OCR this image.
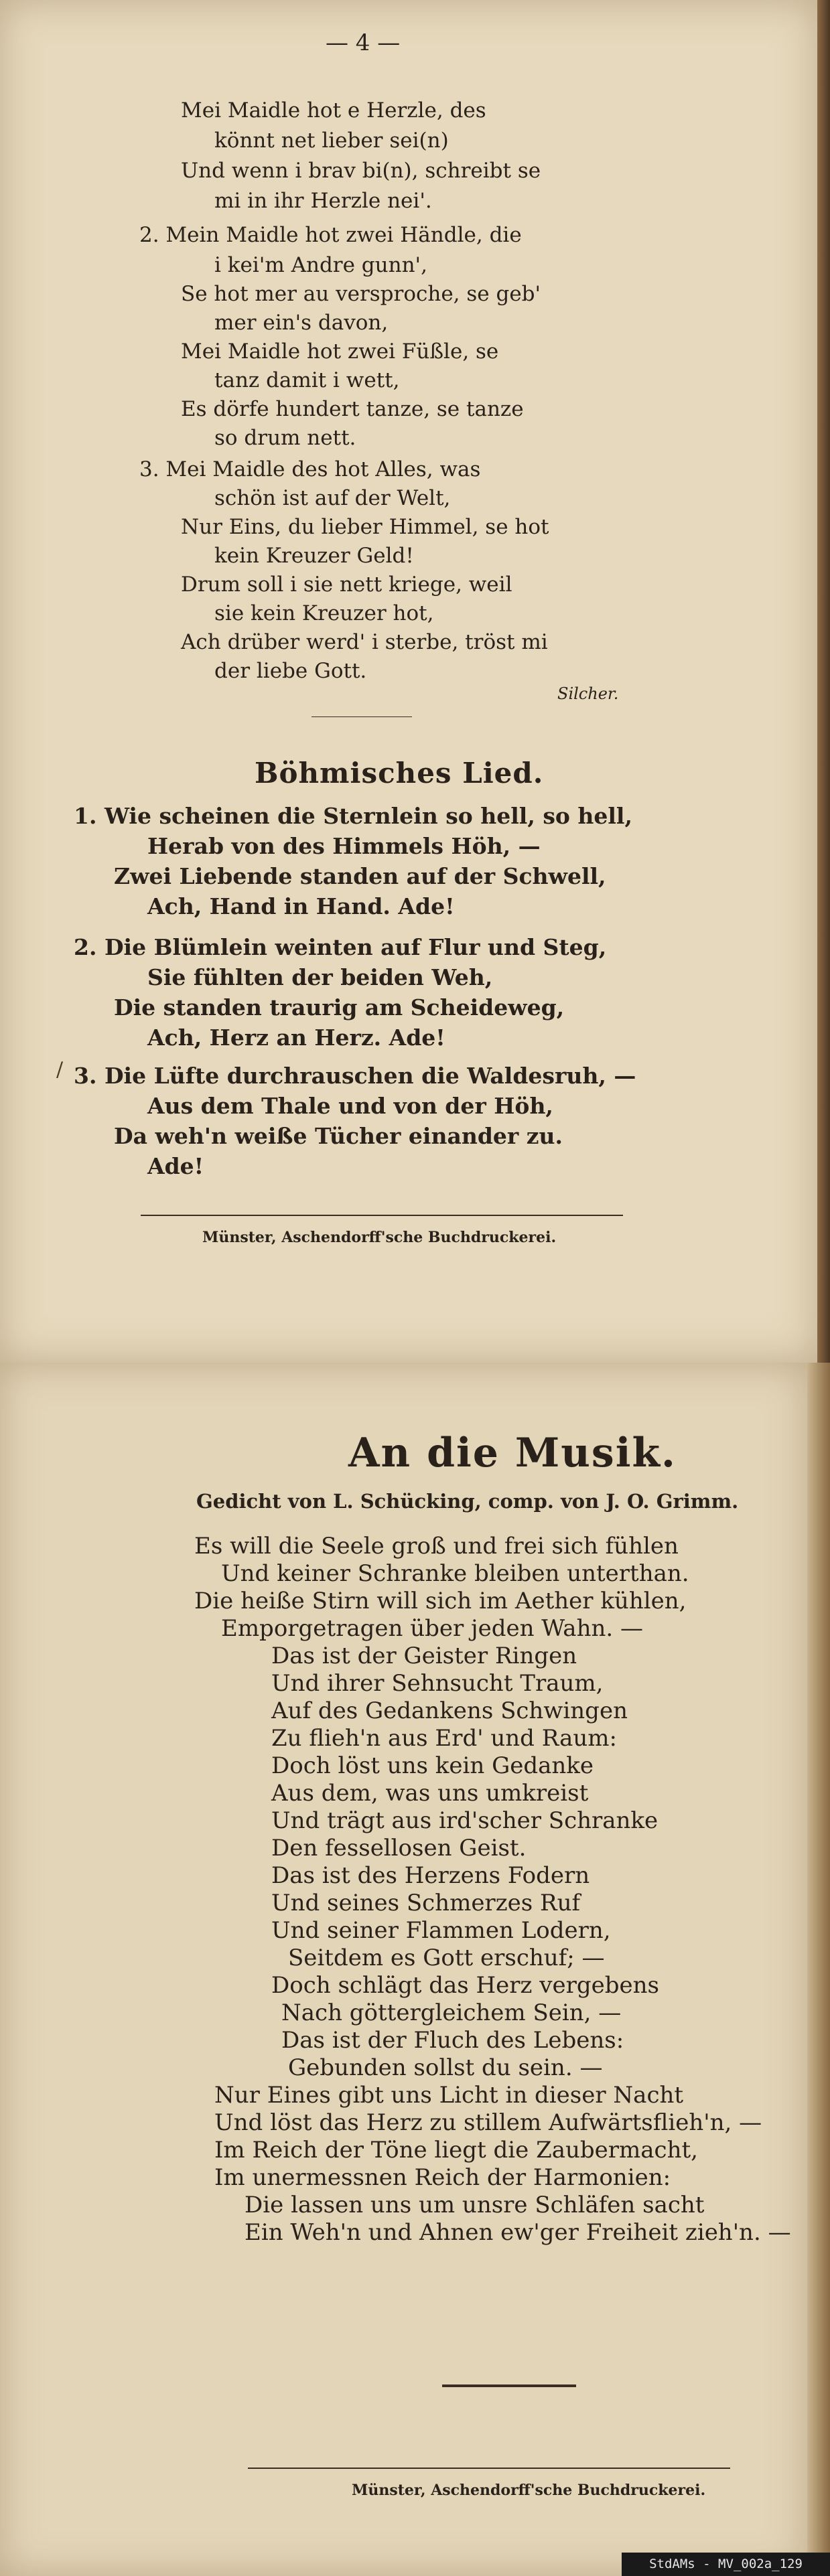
— 4 —
Mei Maidle hot e Herzle, des
könnt net lieber sei(n)
Und wenn i brav bi(n), schreibt se
mi in ihr Herzle nei'.
2. Mein Maidle hot zwei Händle, die
i kei'm Andre gunn',
Se hot mer au versproche, se geb'
mer ein's davon,
Mei Maidle hot zwei Füßle, se
tanz damit i wett,
Es dörfe hundert tanze, se tanze
so drum nett.
3. Mei Maidle des hot Alles, was
schön ist auf der Welt,
Nur Eins, du lieber Himmel, se hot
kein Kreuzer Geld!
Drum soll i sie nett kriege, weil
sie kein Kreuzer hot,
Ach drüber werd' i sterbe, tröst mi
der liebe Gott.
Silcher.
Böhmisches Lied.
1. Wie scheinen die Sternlein so hell, so hell,
Herab von des Himmels Höh, —
Zwei Liebende standen auf der Schwell,
Ach, Hand in Hand. Ade!
2. Die Blümlein weinten auf Flur und Steg,
Sie fühlten der beiden Weh,
Die standen traurig am Scheideweg,
Ach, Herz an Herz. Ade!
/ 3. Die Lüfte durchrauschen die Waldesruh, —
Aus dem Thale und von der Höh,
Da weh'n weiße Tücher einander zu.
Ade!
Münster, Aschendorff'sche Buchdruckerei.
An die Musik.
Gedicht von L. Schücking, comp. von J. O. Grimm.
Es will die Seele groß und frei sich fühlen
Und keiner Schranke bleiben unterthan.
Die heiße Stirn will sich im Aether kühlen,
Emporgetragen über jeden Wahn. —
Das ist der Geister Ringen
Und ihrer Sehnsucht Traum,
Auf des Gedankens Schwingen
Zu flieh'n aus Erd' und Raum:
Doch löst uns kein Gedanke
Aus dem, was uns umkreist
Und trägt aus ird'scher Schranke
Den fessellosen Geist.
Das ist des Herzens Fodern
Und seines Schmerzes Ruf
Und seiner Flammen Lodern,
Seitdem es Gott erschuf; —
Doch schlägt das Herz vergebens
Nach göttergleichem Sein, —
Das ist der Fluch des Lebens:
Gebunden sollst du sein. —
Nur Eines gibt uns Licht in dieser Nacht
Und löst das Herz zu stillem Aufwärtsflieh'n, —
Im Reich der Töne liegt die Zaubermacht,
Im unermessnen Reich der Harmonien:
Die lassen uns um unsre Schläfen sacht
Ein Weh'n und Ahnen ew'ger Freiheit zieh'n. —
Münster, Aschendorff'sche Buchdruckerei.
StdAMs - MV_002a_129
